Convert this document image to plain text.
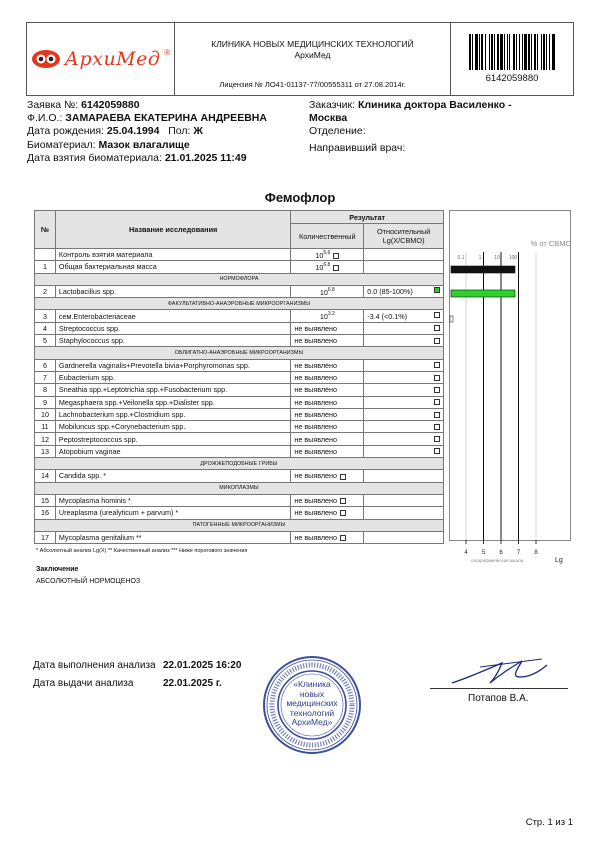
АрхиМед ®
КЛИНИКА НОВЫХ МЕДИЦИНСКИХ ТЕХНОЛОГИЙ
АрхиМед
Лицензия № ЛО41-01137-77/00555311 от 27.08.2014г.
6142059880
Заявка №: 6142059880
Ф.И.О.: ЗАМАРАЕВА ЕКАТЕРИНА АНДРЕЕВНА
Дата рождения: 25.04.1994 Пол: Ж
Биоматериал: Мазок влагалище
Дата взятия биоматериала: 21.01.2025 11:49
Заказчик: Клиника доктора Василенко -
Москва
Отделение:
Направивший врач:
Фемофлор
№	Название исследования	Результат	
		Количественный	Относительный
Lg(X/СВМО)
	Контроль взятия материала	$10^{5.6}$	
1	Общая бактериальная масса	$10^{6.8}$	
НОРМОФЛОРА			
2	Lactobacillus spp.	$10^{6.8}$	0.0 (85-100%)
ФАКУЛЬТАТИВНО-АНАЭРОБНЫЕ МИКРООРГАНИЗМЫ			
3	сем.Enterobacteriaceae	$10^{3.2}$	-3.4 (<0.1%)
4	Streptococcus spp.	не выявлено	

5	Staphylococcus spp.	не выявлено	

ОБЛИГАТНО-АНАЭРОБНЫЕ МИКРООРГАНИЗМЫ			
6	Gardnerella vaginalis+Prevotella bivia+Porphyromonas spp.	не выявлено	

7	Eubacterium spp.	не выявлено	

8	Sneathia spp.+Leptotrichia spp.+Fusobacterium spp.	не выявлено	

9	Megasphaera spp.+Veilonella spp.+Dialister spp.	не выявлено	

10	Lachnobacterium spp.+Clostridium spp.	не выявлено	

11	Mobiluncus spp.+Corynebacterium spp.	не выявлено	

12	Peptostreptococcus spp.	не выявлено	

13	Atopobium vaginae	не выявлено	

ДРОЖЖЕПОДОБНЫЕ ГРИБЫ			
14	Candida spp. *	не выявлено	
МИКОПЛАЗМЫ			
15	Mycoplasma hominis *	не выявлено	
16	Ureaplasma (urealyticum + parvum) *	не выявлено	
ПАТОГЕННЫЕ МИКРООРГАНИЗМЫ			
17	Mycoplasma genitalium **	не выявлено	
4 5 6 7 8
% от СВМО
0.1	1	10 100
Lg
логарифмическая шкала
* Абсолютный анализ Lg(X) ** Качественный анализ *** Ниже порогового значения
Заключение
АБСОЛЮТНЫЙ НОРМОЦЕНОЗ
Дата выполнения анализа 22.01.2025 16:20
Дата выдачи анализа	22.01.2025 г.	«Клиника
новых
медицинских
технологий
АрхиМед»
Потапов В.А.
Стр. 1 из 1
